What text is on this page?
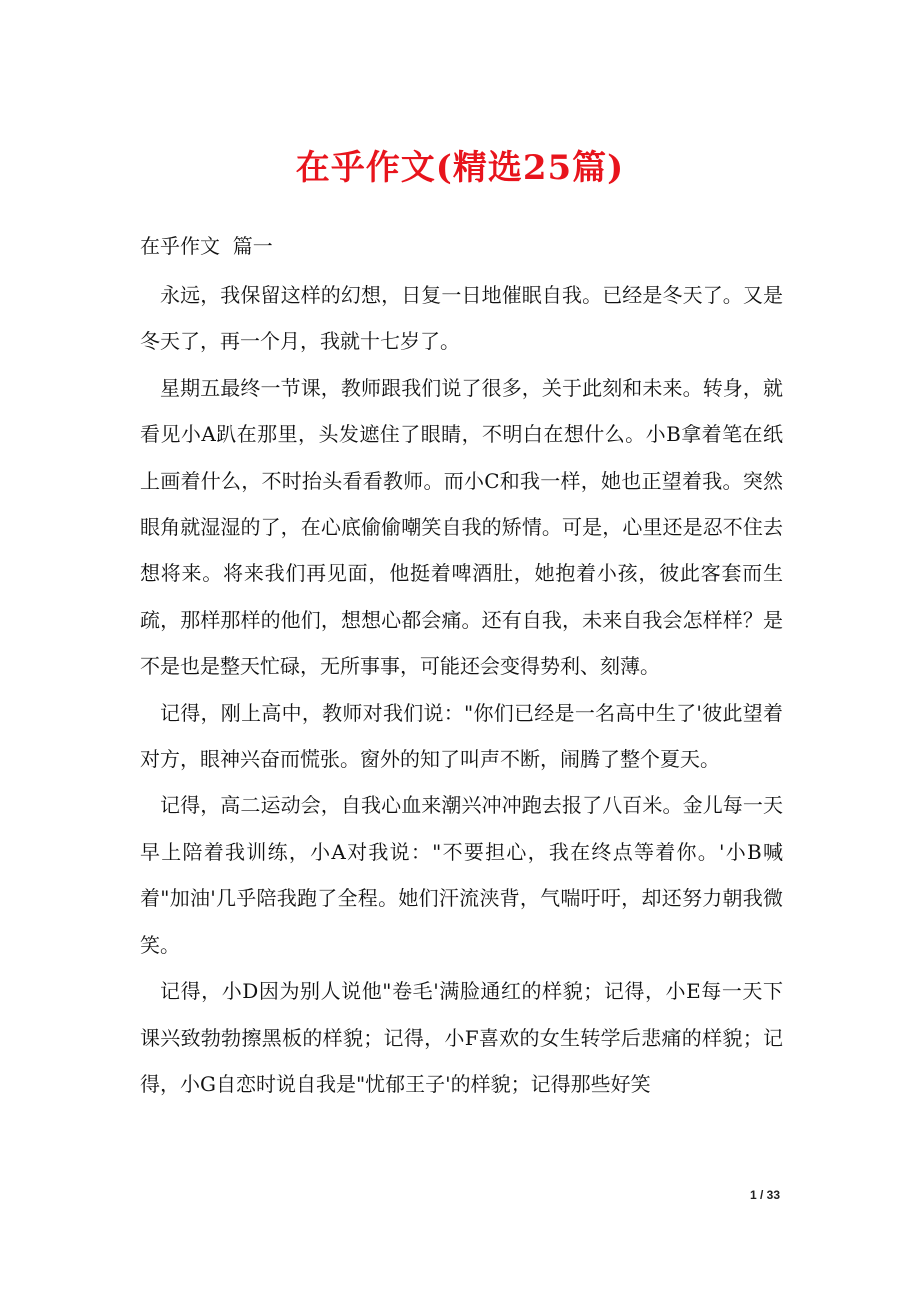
在乎作文(精选25篇)
在乎作文  篇一

永远，我保留这样的幻想，日复一日地催眠自我。已经是冬天了。又是冬天了，再一个月，我就十七岁了。

星期五最终一节课，教师跟我们说了很多，关于此刻和未来。转身，就看见小A趴在那里，头发遮住了眼睛，不明白在想什么。小B拿着笔在纸上画着什么，不时抬头看看教师。而小C和我一样，她也正望着我。突然眼角就湿湿的了，在心底偷偷嘲笑自我的矫情。可是，心里还是忍不住去想将来。将来我们再见面，他挺着啤酒肚，她抱着小孩，彼此客套而生疏，那样那样的他们，想想心都会痛。还有自我，未来自我会怎样样？是不是也是整天忙碌，无所事事，可能还会变得势利、刻薄。

记得，刚上高中，教师对我们说："你们已经是一名高中生了'彼此望着对方，眼神兴奋而慌张。窗外的知了叫声不断，闹腾了整个夏天。

记得，高二运动会，自我心血来潮兴冲冲跑去报了八百米。金儿每一天早上陪着我训练，小A对我说："不要担心，我在终点等着你。'小B喊着"加油'几乎陪我跑了全程。她们汗流浃背，气喘吁吁，却还努力朝我微笑。

记得，小D因为别人说他"卷毛'满脸通红的样貌；记得，小E每一天下课兴致勃勃擦黑板的样貌；记得，小F喜欢的女生转学后悲痛的样貌；记得，小G自恋时说自我是"忧郁王子'的样貌；记得那些好笑

1 / 33
